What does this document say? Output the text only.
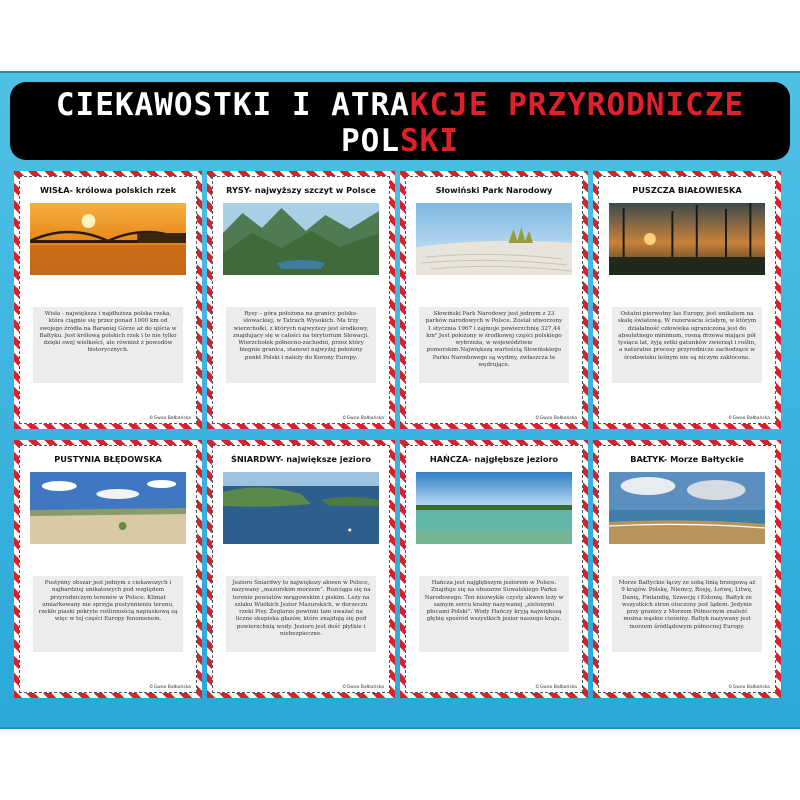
CIEKAWOSTKI I ATRAKCJE PRZYRODNICZE
POLSKI
WISŁA- królowa polskich rzek
Wisła - największa i najdłuższa polska rzeka, która ciągnie się przez ponad 1000 km od swojego źródła na Baraniej Górze aż do ujścia w Bałtyku. Jest królową polskich rzek i to nie tylko dzięki swej wielkości, ale również z powodów historycznych.
©Gwoo Bałbańska
RYSY- najwyższy szczyt w Polsce
Rysy – góra położona na granicy polsko-słowackiej, w Tatrach Wysokich. Ma trzy wierzchołki, z których najwyższy jest środkowy, znajdujący się w całości na terytorium Słowacji. Wierzchołek północno-zachodni, przez który biegnie granica, stanowi najwyżej położony punkt Polski i należy do Korony Europy.
©Gwoo Bałbańska
Słowiński Park Narodowy
Słowiński Park Narodowy jest jednym z 23 parków narodowych w Polsce. Został utworzony 1 stycznia 1967 i zajmuje powierzchnię 327,44 km² Jest położony w środkowej części polskiego wybrzeża, w województwie pomorskim.Największą wartością Słowińskiego Parku Narodowego są wydmy, zwłaszcza te wędrujące.
©Gwoo Bałbańska
PUSZCZA BIAŁOWIESKA
Ostatni pierwotny las Europy, jest unikatem na skalę światową. W rezerwacie ścisłym, w którym działalność człowieka ograniczona jest do absolutnego minimum, rosną drzewa mające pół tysiąca lat, żyją setki gatunków zwierząt i roślin, a naturalne procesy przyrodnicze zachodzące w środowisku leśnym nie są niczym zakłócone.
©Gwoo Bałbańska
PUSTYNIA BŁĘDOWSKA
Pustynny obszar jest jednym z ciekawszych i najbardziej unikatowych pod względem przyrodniczym terenów w Polsce. Klimat umiarkowany nie sprzyja pustynnieniu terenu, rzekło piaski pokryte roślinnością napiaskową są więc w tej części Europy fenomenem.
©Gwoo Bałbańska
ŚNIARDWY- największe jezioro
Jezioro Śniardwy to największy akwen w Polsce, nazywany „mazurskim morzem”. Rozciąga się na terenie powiatów mrągowskim i piskim. Leży na szlaku Wielkich Jezior Mazurskich, w dorzeczu rzeki Pisy. Żeglarze powinni tam uważać na liczne skupiska głazów, które znajdują się pod powierzchnią wody. Jezioro jest dość płytkie i niebezpieczne.
©Gwoo Bałbańska
HAŃCZA- najgłębsze jezioro
Hańcza jest najgłębszym jeziorem w Polsce. Znajduje się na obszarze Suwalskiego Parku Narodowego. Ten niezwykle czysty akwen leży w samym sercu krainy nazywanej „zielonymi płucami Polski”. Wody Hańczy kryją największą głębię spośród wszystkich jezior naszego kraju.
©Gwoo Bałbańska
BAŁTYK- Morze Bałtyckie
Morze Bałtyckie łączy ze sobą linią brzegową aż 9 krajów. Polskę, Niemcy, Rosję, Łotwę, Litwę, Danię, Finlandię, Szwecję i Estonię. Bałtyk ze wszystkich stron otoczony jest lądem. Jedynie przy granicy z Morzem Północnym znaleźć można wąskie cieśniny. Bałtyk nazywany jest morzem śródlądowym północnej Europy.
©Gwoo Bałbańska
